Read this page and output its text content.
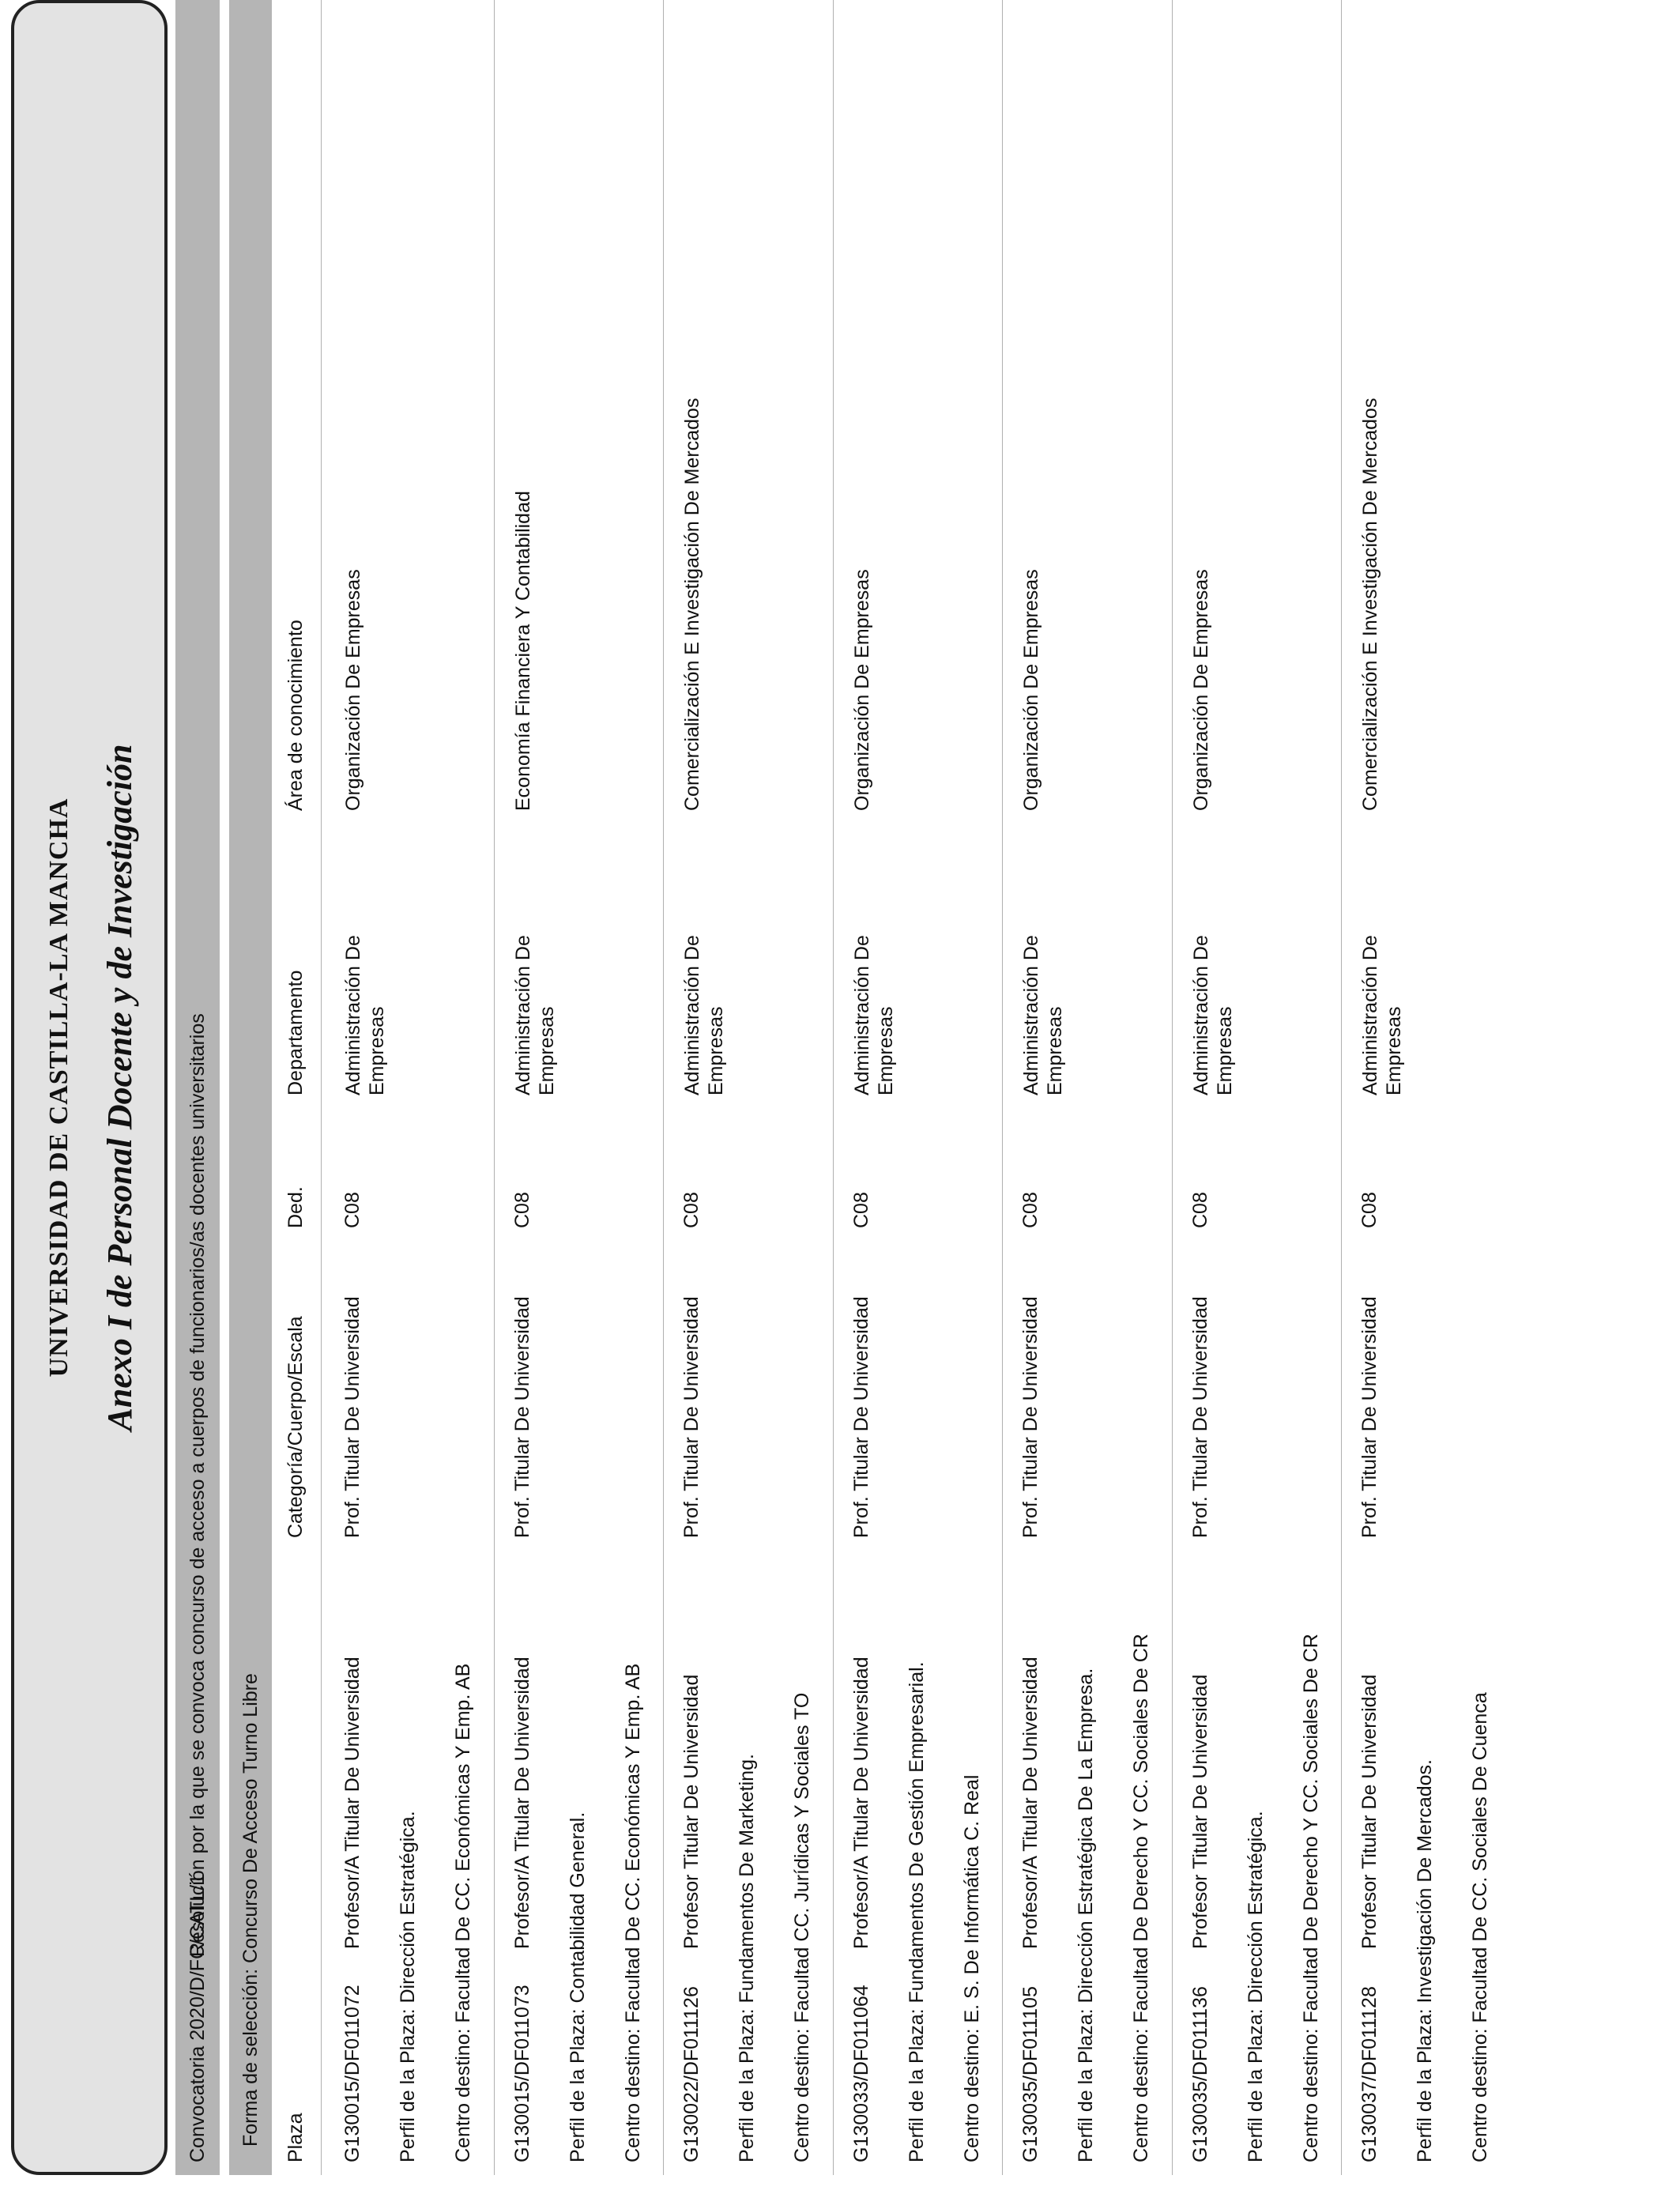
UNIVERSIDAD DE CASTILLA-LA MANCHA Anexo I de Personal Docente y de Investigación
Convocatoria 2020/D/FC/CATL/1
Resolución por la que se convoca concurso de acceso a cuerpos de funcionarios/as docentes universitarios Forma de selección: Concurso De Acceso Turno Libre Plaza
Categoría/Cuerpo/Escala
Ded.
Departamento
Área de conocimiento
G130015/DF011072
Profesor/A Titular De Universidad
Prof. Titular De Universidad
C08
Administración De Empresas
Organización De Empresas
Perfil de la Plaza: Dirección Estratégica. Centro destino: Facultad De CC. Económicas Y Emp. AB G130015/DF011073
Profesor/A Titular De Universidad
Prof. Titular De Universidad
C08
Administración De Empresas
Economía Financiera Y Contabilidad
Perfil de la Plaza: Contabilidad General. Centro destino: Facultad De CC. Económicas Y Emp. AB G130022/DF011126
Profesor Titular De Universidad
Prof. Titular De Universidad
C08
Administración De Empresas
Comercialización E Investigación De Mercados
Perfil de la Plaza: Fundamentos De Marketing. Centro destino: Facultad CC. Jurídicas Y Sociales TO G130033/DF011064
Profesor/A Titular De Universidad
Prof. Titular De Universidad
C08
Administración De Empresas
Organización De Empresas
Perfil de la Plaza: Fundamentos De Gestión Empresarial. Centro destino: E. S. De Informática C. Real G130035/DF011105
Profesor/A Titular De Universidad
Prof. Titular De Universidad
C08
Administración De Empresas
Organización De Empresas
Perfil de la Plaza: Dirección Estratégica De La Empresa. Centro destino: Facultad De Derecho Y CC. Sociales De CR G130035/DF011136
Profesor Titular De Universidad
Prof. Titular De Universidad
C08
Administración De Empresas
Organización De Empresas
Perfil de la Plaza: Dirección Estratégica. Centro destino: Facultad De Derecho Y CC. Sociales De CR G130037/DF011128
Profesor Titular De Universidad
Prof. Titular De Universidad
C08
Administración De Empresas
Comercialización E Investigación De Mercados
Perfil de la Plaza: Investigación De Mercados. Centro destino: Facultad De CC. Sociales De Cuenca
